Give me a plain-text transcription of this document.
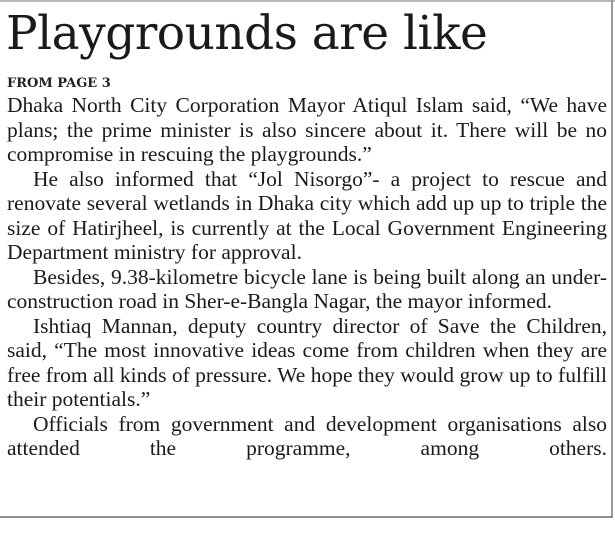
Playgrounds are like
FROM PAGE 3

Dhaka North City Corporation Mayor Atiqul Islam said, “We have plans; the prime minister is also sincere about it. There will be no compromise in rescuing the playgrounds.”

He also informed that “Jol Nisorgo”- a project to rescue and renovate several wetlands in Dhaka city which add up up to triple the size of Hatirjheel, is currently at the Local Government Engineering Department ministry for approval.

Besides, 9.38-kilometre bicycle lane is being built along an under-construction road in Sher-e-Bangla Nagar, the mayor informed.

Ishtiaq Mannan, deputy country director of Save the Children, said, “The most innovative ideas come from children when they are free from all kinds of pressure. We hope they would grow up to fulfill their potentials.”

Officials from government and development organisations also attended the programme, among others.
